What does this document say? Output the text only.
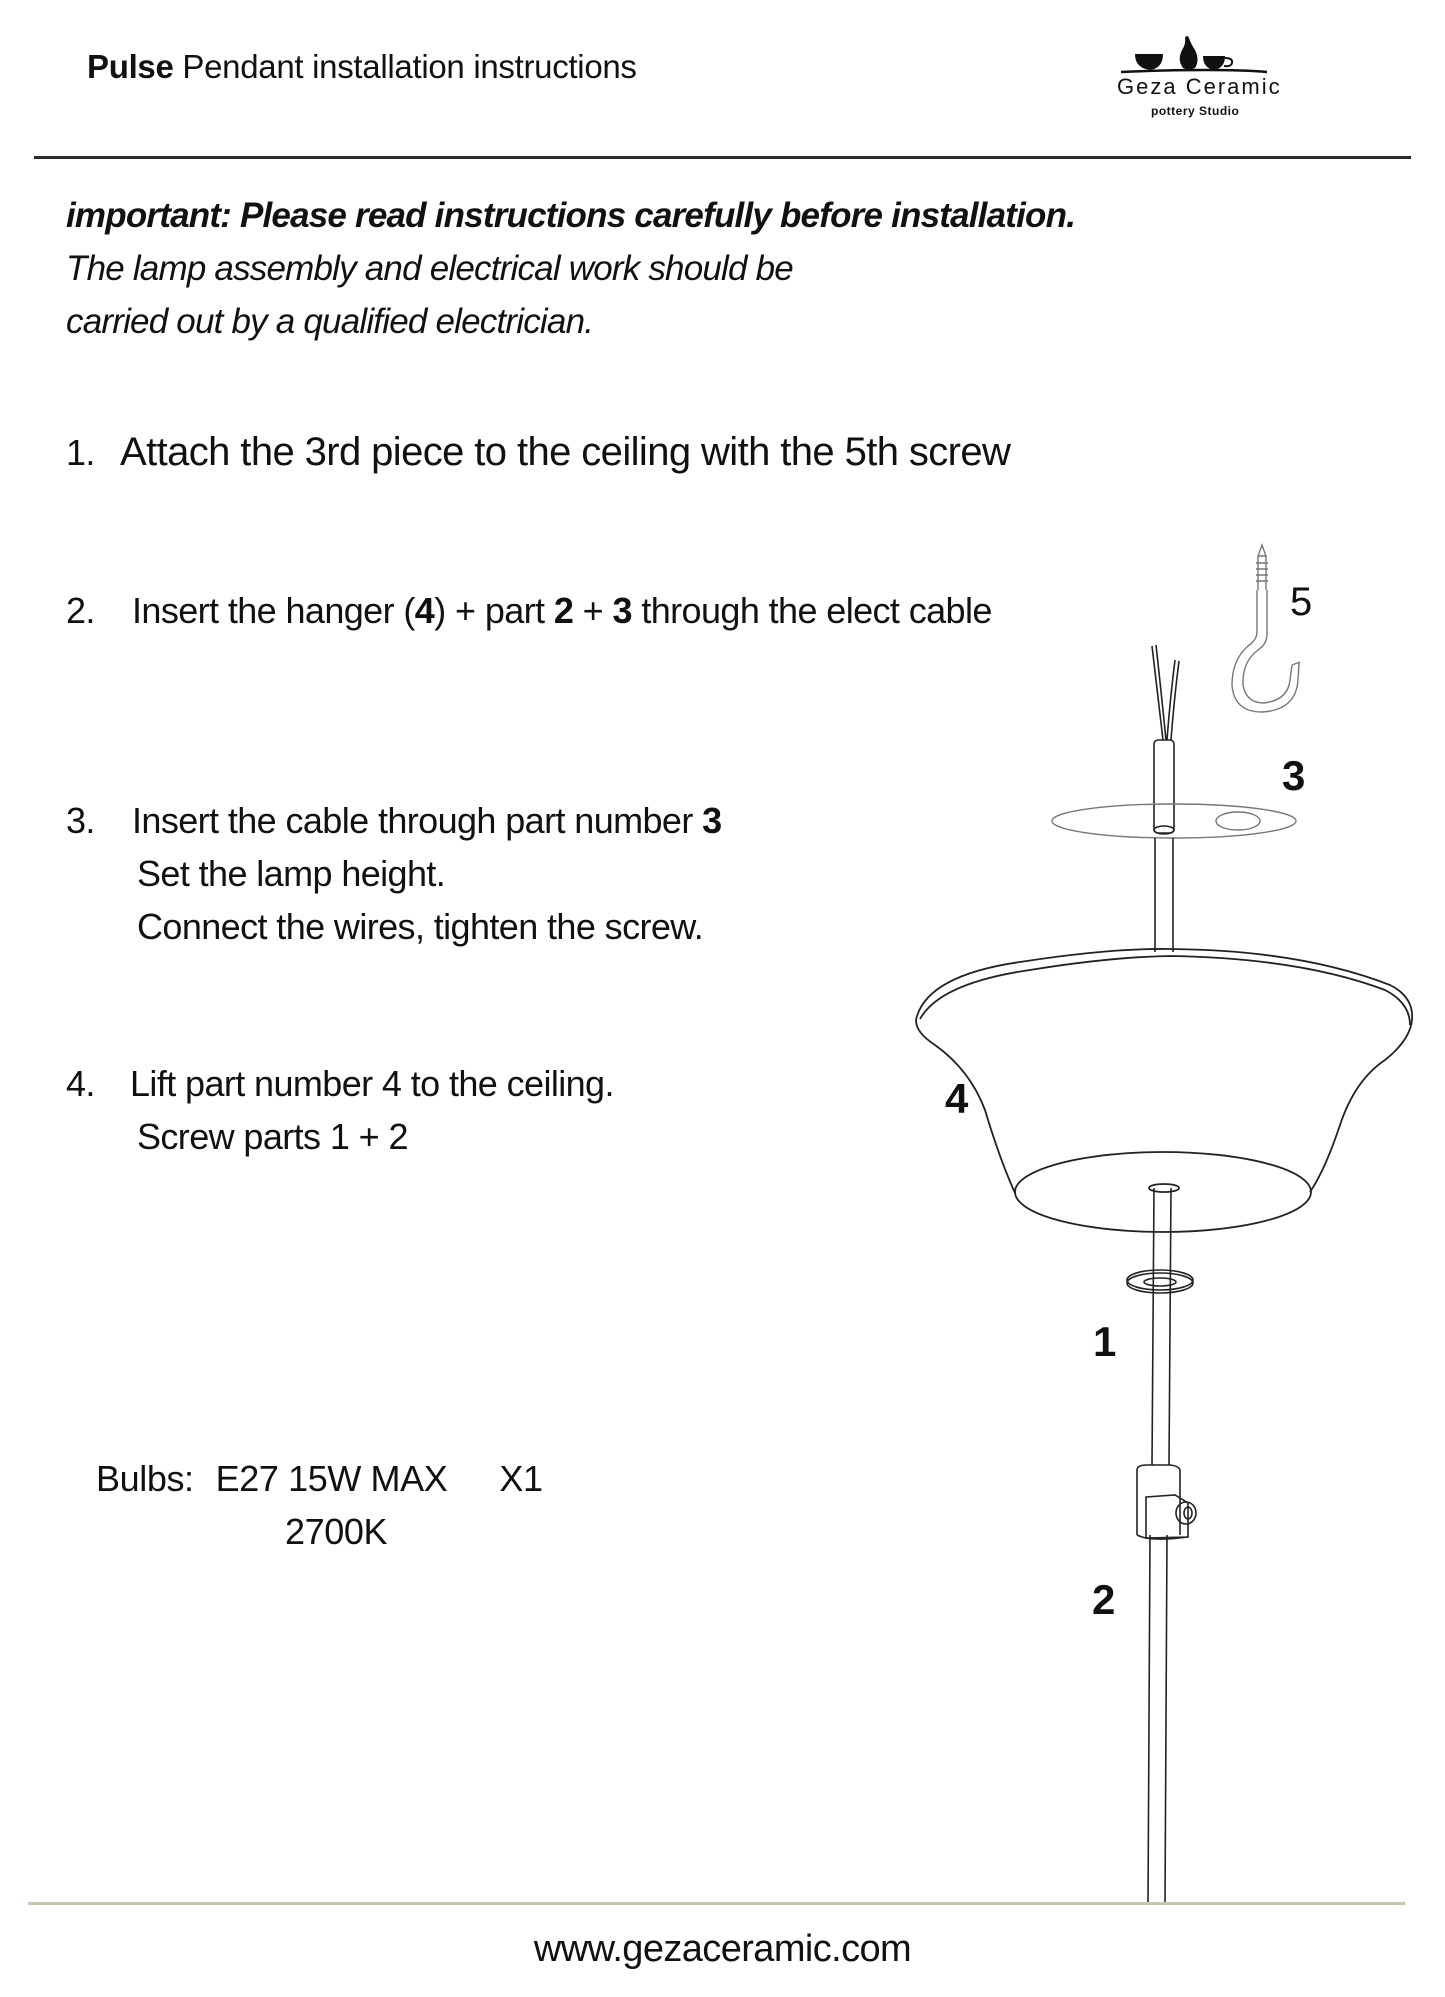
Pulse Pendant installation instructions
Geza Ceramic
pottery Studio
important: Please read instructions carefully before installation.
The lamp assembly and electrical work should be
carried out by a qualified electrician.
1. Attach the 3rd piece to the ceiling with the 5th screw
2. Insert the hanger (4) + part 2 + 3 through the elect cable
3. Insert the cable through part number 3
Set the lamp height.
Connect the wires, tighten the screw.
4. Lift part number 4 to the ceiling.
Screw parts 1 + 2
Bulbs: E27 15W MAX X1
2700K
5
3
4
1
2
www.gezaceramic.com
